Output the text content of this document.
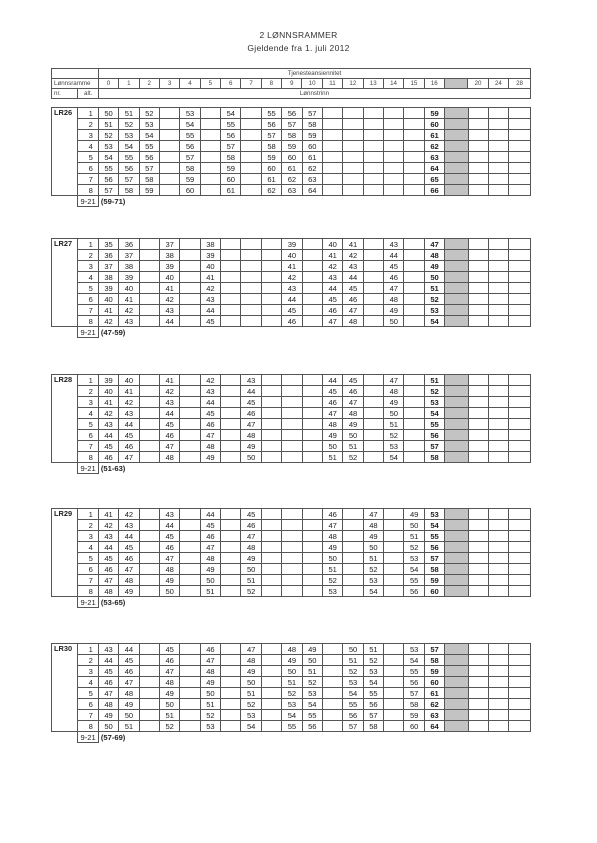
2 LØNNSRAMMER
Gjeldende fra 1. juli 2012
		Tjenesteansiennitet																				
Lønnsramme		0	1	2	3	4	5	6	7	8	9	10	11	12	13	14	15	16		20	24	28
nr.	alt.	Lønnstrinn																				
LR26	1	50	51	52		53		54		55	56	57						59				
	2	51	52	53		54		55		56	57	58						60				
	3	52	53	54		55		56		57	58	59						61				
	4	53	54	55		56		57		58	59	60						62				
	5	54	55	56		57		58		59	60	61						63				
	6	55	56	57		58		59		60	61	62						64				
	7	56	57	58		59		60		61	62	63						65				
	8	57	58	59		60		61		62	63	64						66				
	9-21	(59-71)																				
LR27	1	35	36		37		38				39		40	41		43		47				
	2	36	37		38		39				40		41	42		44		48				
	3	37	38		39		40				41		42	43		45		49				
	4	38	39		40		41				42		43	44		46		50				
	5	39	40		41		42				43		44	45		47		51				
	6	40	41		42		43				44		45	46		48		52				
	7	41	42		43		44				45		46	47		49		53				
	8	42	43		44		45				46		47	48		50		54				
	9-21	(47-59)																				
LR28	1	39	40		41		42		43				44	45		47		51				
	2	40	41		42		43		44				45	46		48		52				
	3	41	42		43		44		45				46	47		49		53				
	4	42	43		44		45		46				47	48		50		54				
	5	43	44		45		46		47				48	49		51		55				
	6	44	45		46		47		48				49	50		52		56				
	7	45	46		47		48		49				50	51		53		57				
	8	46	47		48		49		50				51	52		54		58				
	9-21	(51-63)																				
LR29	1	41	42		43		44		45				46		47		49	53				
	2	42	43		44		45		46				47		48		50	54				
	3	43	44		45		46		47				48		49		51	55				
	4	44	45		46		47		48				49		50		52	56				
	5	45	46		47		48		49				50		51		53	57				
	6	46	47		48		49		50				51		52		54	58				
	7	47	48		49		50		51				52		53		55	59				
	8	48	49		50		51		52				53		54		56	60				
	9-21	(53-65)																				
LR30	1	43	44		45		46		47		48	49		50	51		53	57				
	2	44	45		46		47		48		49	50		51	52		54	58				
	3	45	46		47		48		49		50	51		52	53		55	59				
	4	46	47		48		49		50		51	52		53	54		56	60				
	5	47	48		49		50		51		52	53		54	55		57	61				
	6	48	49		50		51		52		53	54		55	56		58	62				
	7	49	50		51		52		53		54	55		56	57		59	63				
	8	50	51		52		53		54		55	56		57	58		60	64				
	9-21	(57-69)																				
